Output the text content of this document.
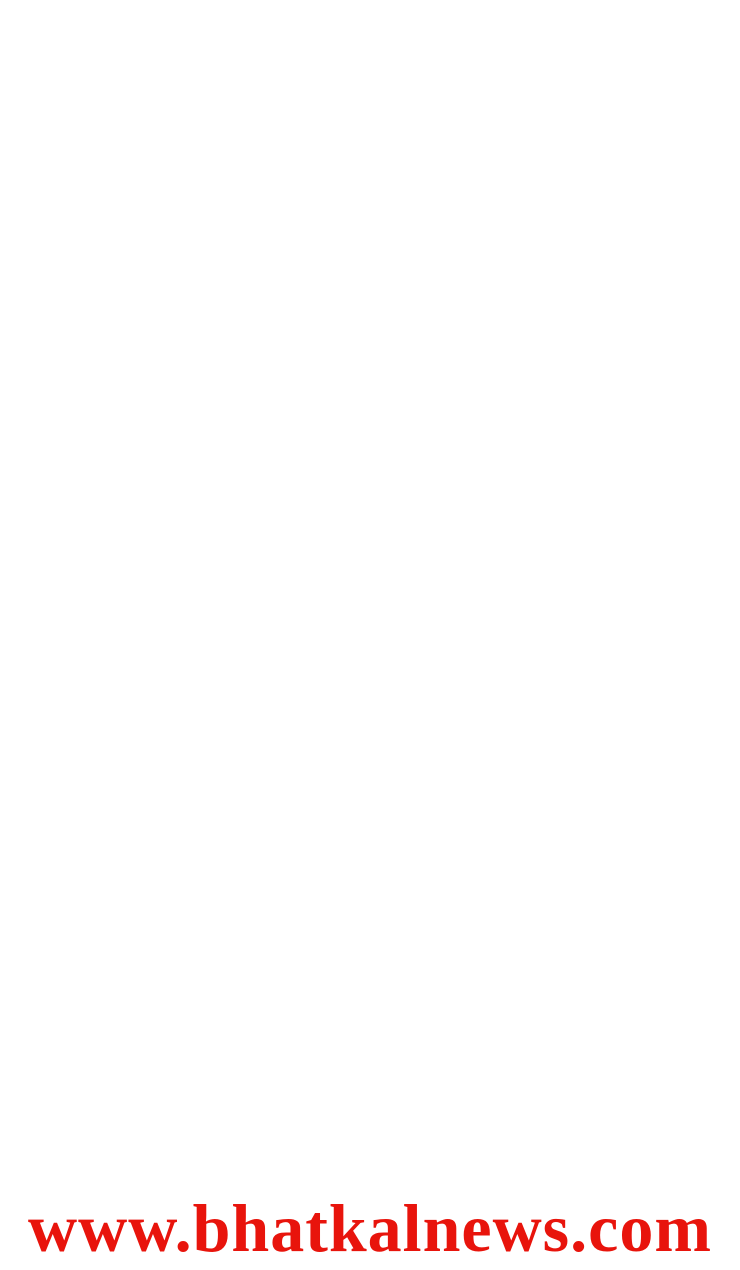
www.bhatkalnews.com
